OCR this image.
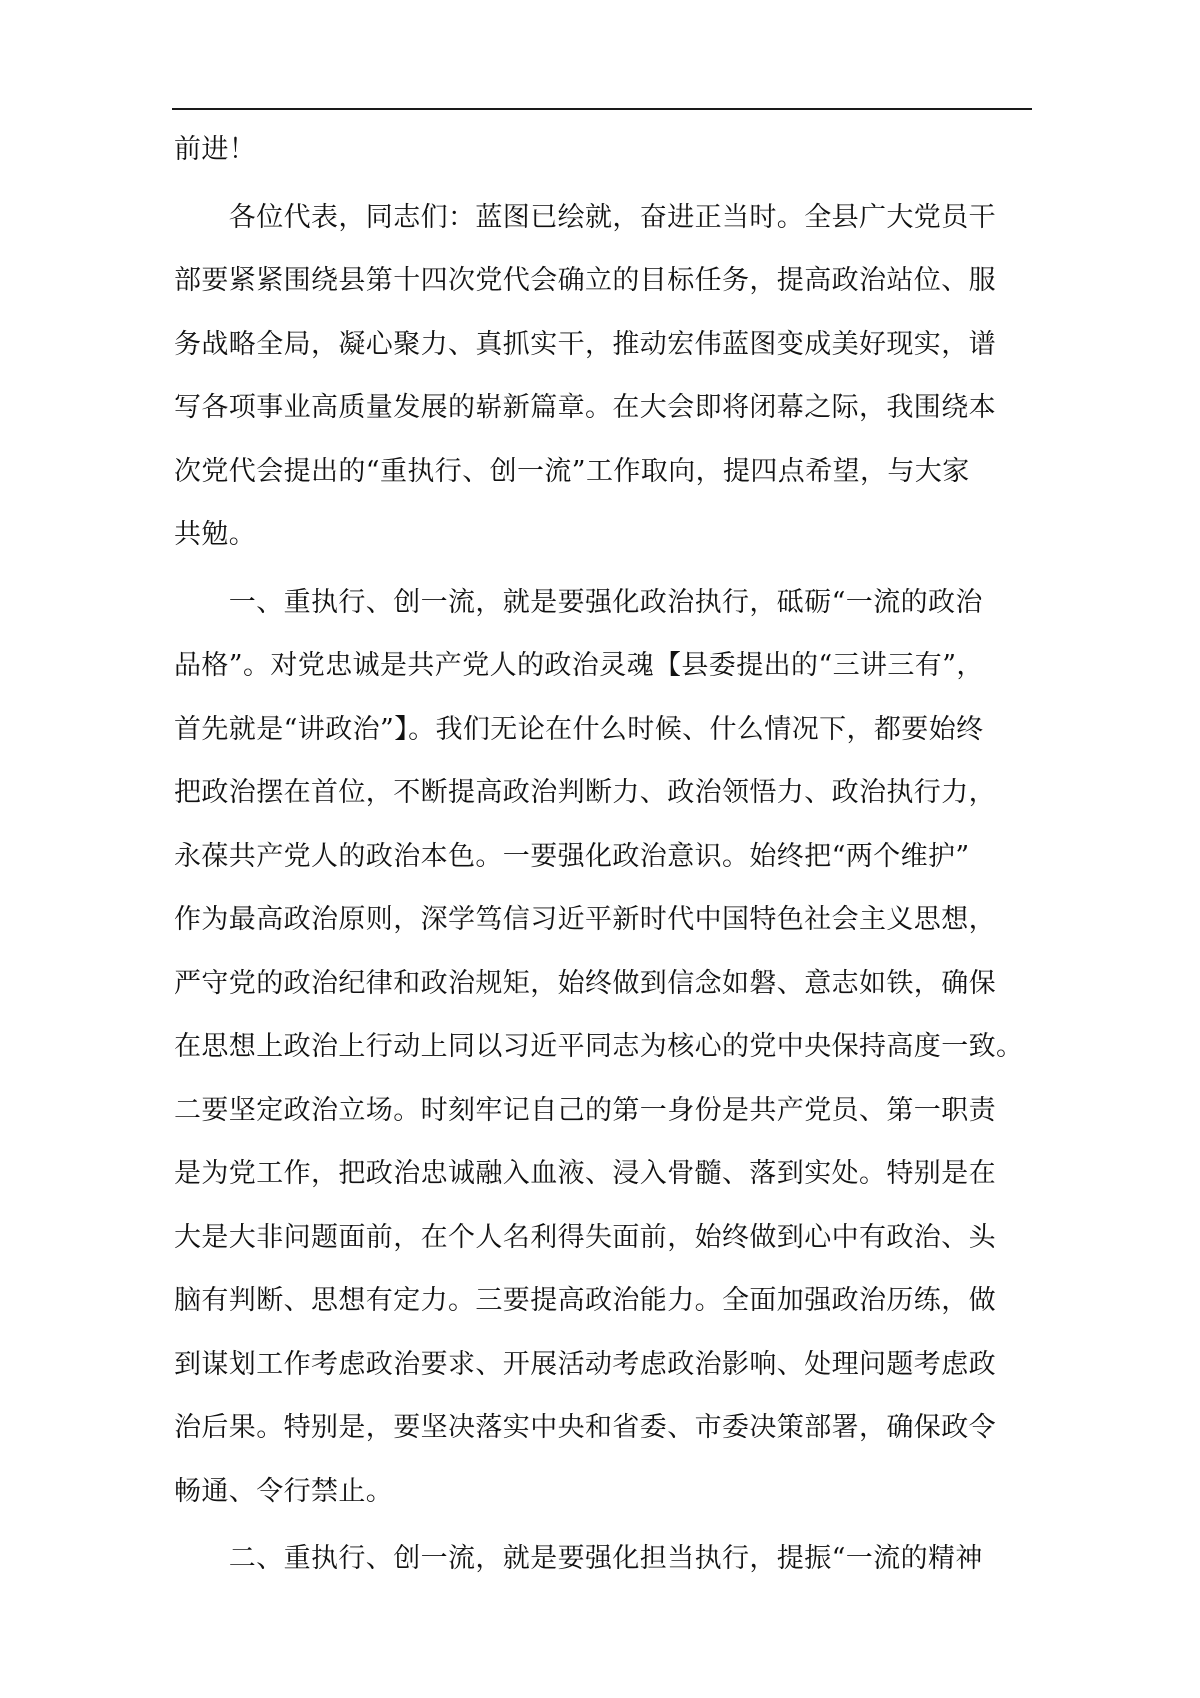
前进！
　　各位代表，同志们：蓝图已绘就，奋进正当时。全县广大党员干
部要紧紧围绕县第十四次党代会确立的目标任务，提高政治站位、服
务战略全局，凝心聚力、真抓实干，推动宏伟蓝图变成美好现实，谱
写各项事业高质量发展的崭新篇章。在大会即将闭幕之际，我围绕本
次党代会提出的“重执行、创一流”工作取向，提四点希望，与大家
共勉。
　　一、重执行、创一流，就是要强化政治执行，砥砺“一流的政治
品格”。对党忠诚是共产党人的政治灵魂【县委提出的“三讲三有”，
首先就是“讲政治”】。我们无论在什么时候、什么情况下，都要始终
把政治摆在首位，不断提高政治判断力、政治领悟力、政治执行力，
永葆共产党人的政治本色。一要强化政治意识。始终把“两个维护”
作为最高政治原则，深学笃信习近平新时代中国特色社会主义思想，
严守党的政治纪律和政治规矩，始终做到信念如磐、意志如铁，确保
在思想上政治上行动上同以习近平同志为核心的党中央保持高度一致。
二要坚定政治立场。时刻牢记自己的第一身份是共产党员、第一职责
是为党工作，把政治忠诚融入血液、浸入骨髓、落到实处。特别是在
大是大非问题面前，在个人名利得失面前，始终做到心中有政治、头
脑有判断、思想有定力。三要提高政治能力。全面加强政治历练，做
到谋划工作考虑政治要求、开展活动考虑政治影响、处理问题考虑政
治后果。特别是，要坚决落实中央和省委、市委决策部署，确保政令
畅通、令行禁止。
　　二、重执行、创一流，就是要强化担当执行，提振“一流的精神
